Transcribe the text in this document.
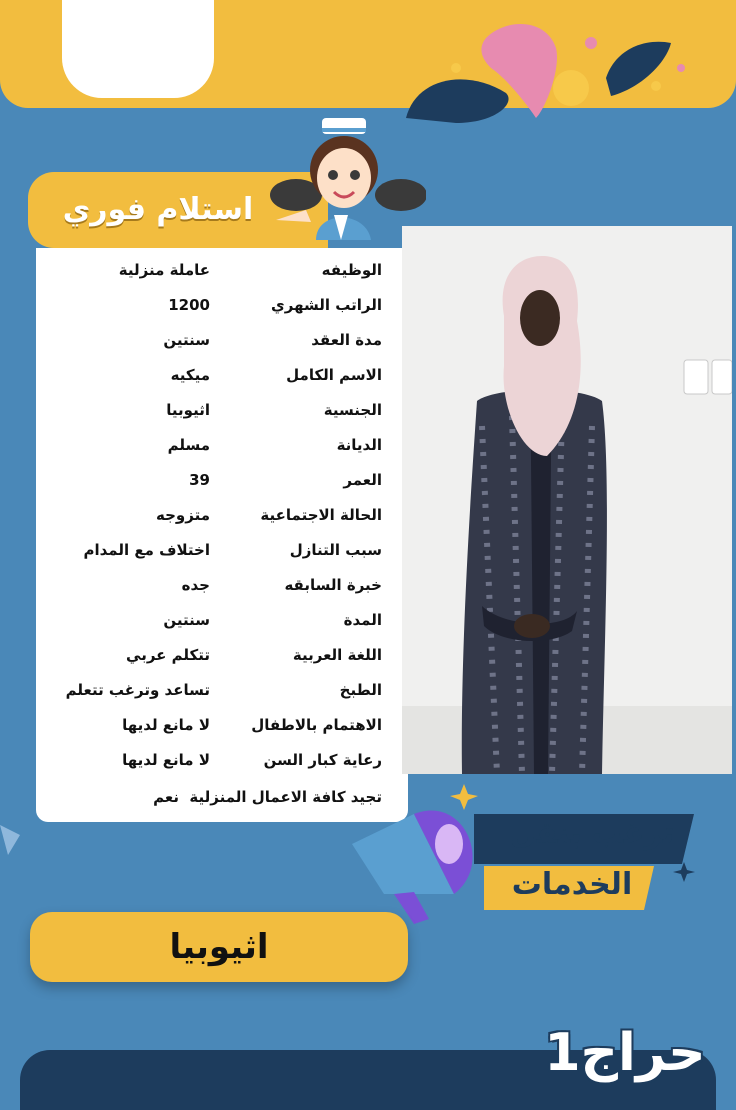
استلام فوري
الوظيفه
عاملة منزلية
الراتب الشهري
1200
مدة العقد
سنتين
الاسم الكامل
ميكيه
الجنسية
اثيوبيا
الديانة
مسلم
العمر
39
الحالة الاجتماعية
متزوجه
سبب التنازل
اختلاف مع المدام
خبرة السابقه
جده
المدة
سنتين
اللغة العربية
تتكلم عربي
الطبخ
تساعد وترغب تتعلم
الاهتمام بالاطفال
لا مانع لديها
رعاية كبار السن
لا مانع لديها
تجيد كافة الاعمال المنزلية
نعم
ترغب بنقل
الخدمات
اثيوبيا
حراج1
